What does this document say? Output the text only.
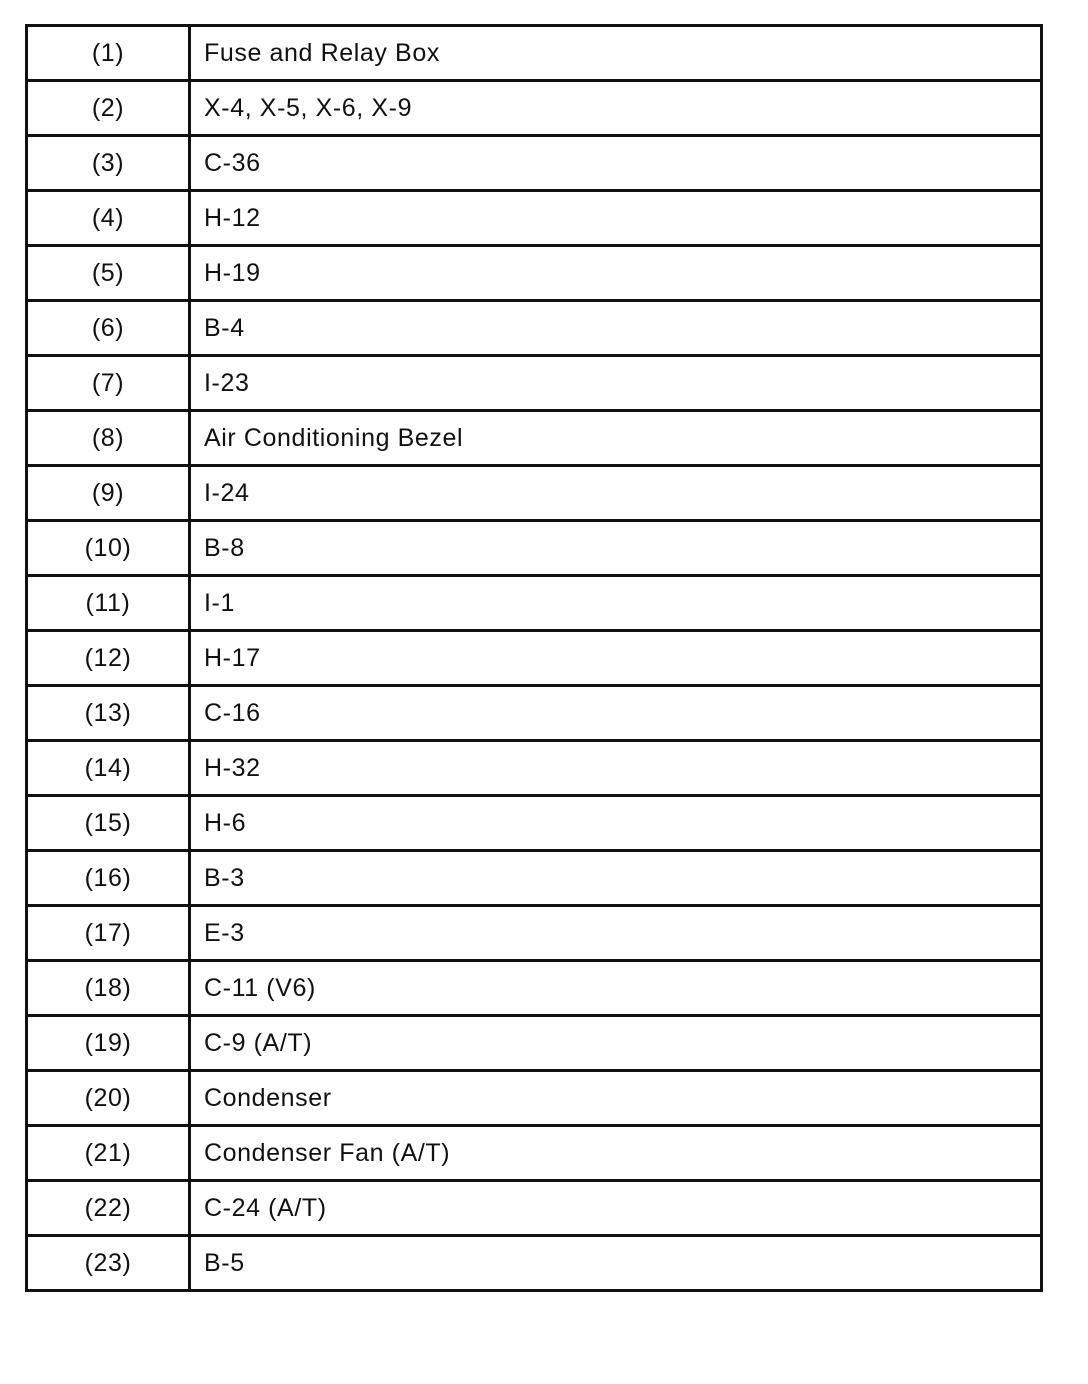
(1)	Fuse and Relay Box
(2)	X-4, X-5, X-6, X-9
(3)	C-36
(4)	H-12
(5)	H-19
(6)	B-4
(7)	I-23
(8)	Air Conditioning Bezel
(9)	I-24
(10)	B-8
(11)	I-1
(12)	H-17
(13)	C-16
(14)	H-32
(15)	H-6
(16)	B-3
(17)	E-3
(18)	C-11 (V6)
(19)	C-9 (A/T)
(20)	Condenser
(21)	Condenser Fan (A/T)
(22)	C-24 (A/T)
(23)	B-5
